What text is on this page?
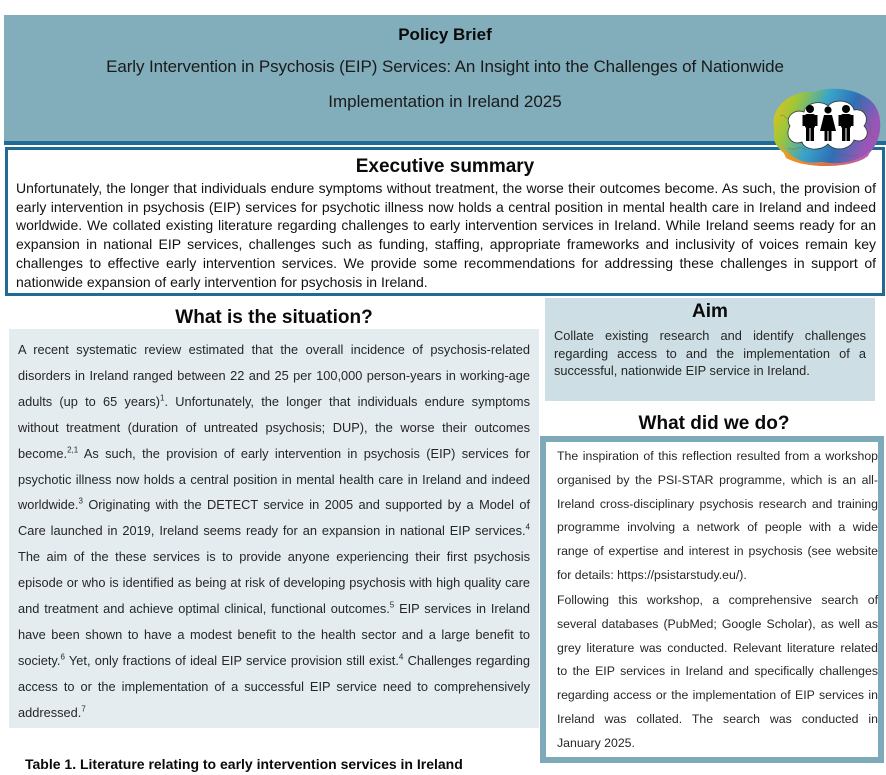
Policy Brief
Early Intervention in Psychosis (EIP) Services: An Insight into the Challenges of Nationwide
Implementation in Ireland 2025
Executive summary

Unfortunately, the longer that individuals endure symptoms without treatment, the worse their outcomes become. As such, the provision of early intervention in psychosis (EIP) services for psychotic illness now holds a central position in mental health care in Ireland and indeed worldwide. We collated existing literature regarding challenges to early intervention services in Ireland. While Ireland seems ready for an expansion in national EIP services, challenges such as funding, staffing, appropriate frameworks and inclusivity of voices remain key challenges to effective early intervention services. We provide some recommendations for addressing these challenges in support of nationwide expansion of early intervention for psychosis in Ireland.

What is the situation?

A recent systematic review estimated that the overall incidence of psychosis-related disorders in Ireland ranged between 22 and 25 per 100,000 person-years in working-age adults (up to 65 years)$^1$. Unfortunately, the longer that individuals endure symptoms without treatment (duration of untreated psychosis; DUP), the worse their outcomes become.$^{2,1}$ As such, the provision of early intervention in psychosis (EIP) services for psychotic illness now holds a central position in mental health care in Ireland and indeed worldwide.$^3$ Originating with the DETECT service in 2005 and supported by a Model of Care launched in 2019, Ireland seems ready for an expansion in national EIP services.$^4$ The aim of the these services is to provide anyone experiencing their first psychosis episode or who is identified as being at risk of developing psychosis with high quality care and treatment and achieve optimal clinical, functional outcomes.$^5$ EIP services in Ireland have been shown to have a modest benefit to the health sector and a large benefit to society.$^6$ Yet, only fractions of ideal EIP service provision still exist.$^4$ Challenges regarding access to or the implementation of a successful EIP service need to comprehensively addressed.$^7$

Aim

Collate existing research and identify challenges regarding access to and the implementation of a successful, nationwide EIP service in Ireland.

What did we do?

The inspiration of this reflection resulted from a workshop organised by the PSI-STAR programme, which is an all-Ireland cross-disciplinary psychosis research and training programme involving a network of people with a wide range of expertise and interest in psychosis (see website for details: https://psistarstudy.eu/).

Following this workshop, a comprehensive search of several databases (PubMed; Google Scholar), as well as grey literature was conducted. Relevant literature related to the EIP services in Ireland and specifically challenges regarding access or the implementation of EIP services in Ireland was collated. The search was conducted in January 2025.

Table 1. Literature relating to early intervention services in Ireland
